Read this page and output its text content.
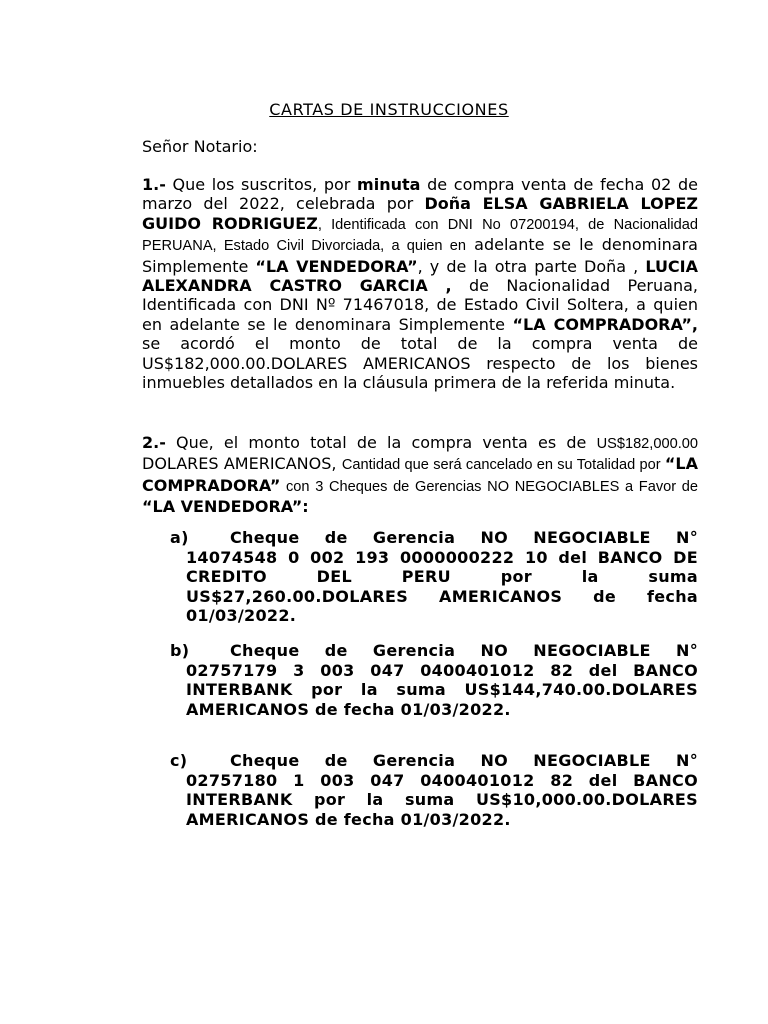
CARTAS DE INSTRUCCIONES
Señor Notario:
1.- Que los suscritos, por minuta de compra venta de fecha 02 de marzo del 2022, celebrada por Doña ELSA GABRIELA LOPEZ GUIDO RODRIGUEZ, Identificada con DNI No 07200194, de Nacionalidad PERUANA, Estado Civil Divorciada, a quien en adelante se le denominara Simplemente “LA VENDEDORA”, y de la otra parte Doña , LUCIA ALEXANDRA CASTRO GARCIA , de Nacionalidad Peruana, Identificada con DNI Nº 71467018, de Estado Civil Soltera, a quien en adelante se le denominara Simplemente “LA COMPRADORA”, se acordó el monto de total de la compra venta de US$182,000.00.DOLARES AMERICANOS respecto de los bienes inmuebles detallados en la cláusula primera de la referida minuta.
2.- Que, el monto total de la compra venta es de US$182,000.00 DOLARES AMERICANOS, Cantidad que será cancelado en su Totalidad por “LA COMPRADORA” con 3 Cheques de Gerencias NO NEGOCIABLES a Favor de “LA VENDEDORA”:
a)	Cheque de Gerencia NO NEGOCIABLE N° 14074548 0 002 193 0000000222 10 del BANCO DE CREDITO DEL PERU por la suma US$27,260.00.DOLARES AMERICANOS de fecha 01/03/2022.
b)	Cheque de Gerencia NO NEGOCIABLE N° 02757179 3 003 047 0400401012 82 del BANCO INTERBANK por la suma US$144,740.00.DOLARES AMERICANOS de fecha 01/03/2022.
c)	Cheque de Gerencia NO NEGOCIABLE N° 02757180 1 003 047 0400401012 82 del BANCO INTERBANK por la suma US$10,000.00.DOLARES AMERICANOS de fecha 01/03/2022.
